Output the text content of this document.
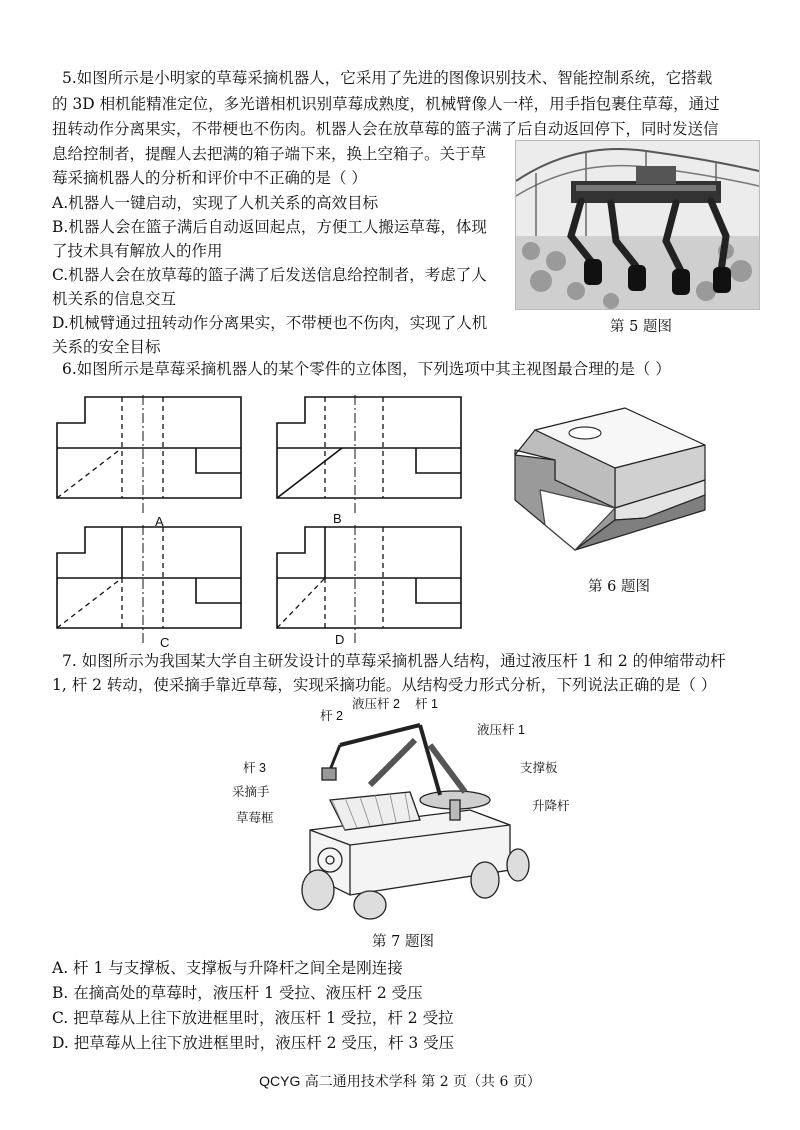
5.如图所示是小明家的草莓采摘机器人，它采用了先进的图像识别技术、智能控制系统，它搭载
的 3D 相机能精准定位，多光谱相机识别草莓成熟度，机械臂像人一样，用手指包裹住草莓，通过
扭转动作分离果实，不带梗也不伤肉。机器人会在放草莓的篮子满了后自动返回停下，同时发送信
息给控制者，提醒人去把满的箱子端下来，换上空箱子。关于草
莓采摘机器人的分析和评价中不正确的是（ ）
A.机器人一键启动，实现了人机关系的高效目标
B.机器人会在篮子满后自动返回起点，方便工人搬运草莓，体现
了技术具有解放人的作用
C.机器人会在放草莓的篮子满了后发送信息给控制者，考虑了人
机关系的信息交互
D.机械臂通过扭转动作分离果实，不带梗也不伤肉，实现了人机
关系的安全目标
第 5 题图
6.如图所示是草莓采摘机器人的某个零件的立体图，下列选项中其主视图最合理的是（ ）
A	B
C	D
第 6 题图
7. 如图所示为我国某大学自主研发设计的草莓采摘机器人结构，通过液压杆 1 和 2 的伸缩带动杆
1, 杆 2 转动，使采摘手靠近草莓，实现采摘功能。从结构受力形式分析，下列说法正确的是（ ）
杆 2
液压杆 2 杆 1
液压杆 1
杆 3	支撑板
采摘手
升降杆
草莓框
第 7 题图
A. 杆 1 与支撑板、支撑板与升降杆之间全是刚连接
B. 在摘高处的草莓时，液压杆 1 受拉、液压杆 2 受压
C. 把草莓从上往下放进框里时，液压杆 1 受拉，杆 2 受拉
D. 把草莓从上往下放进框里时，液压杆 2 受压，杆 3 受压
QCYG 高二通用技术学科 第 2 页（共 6 页）
